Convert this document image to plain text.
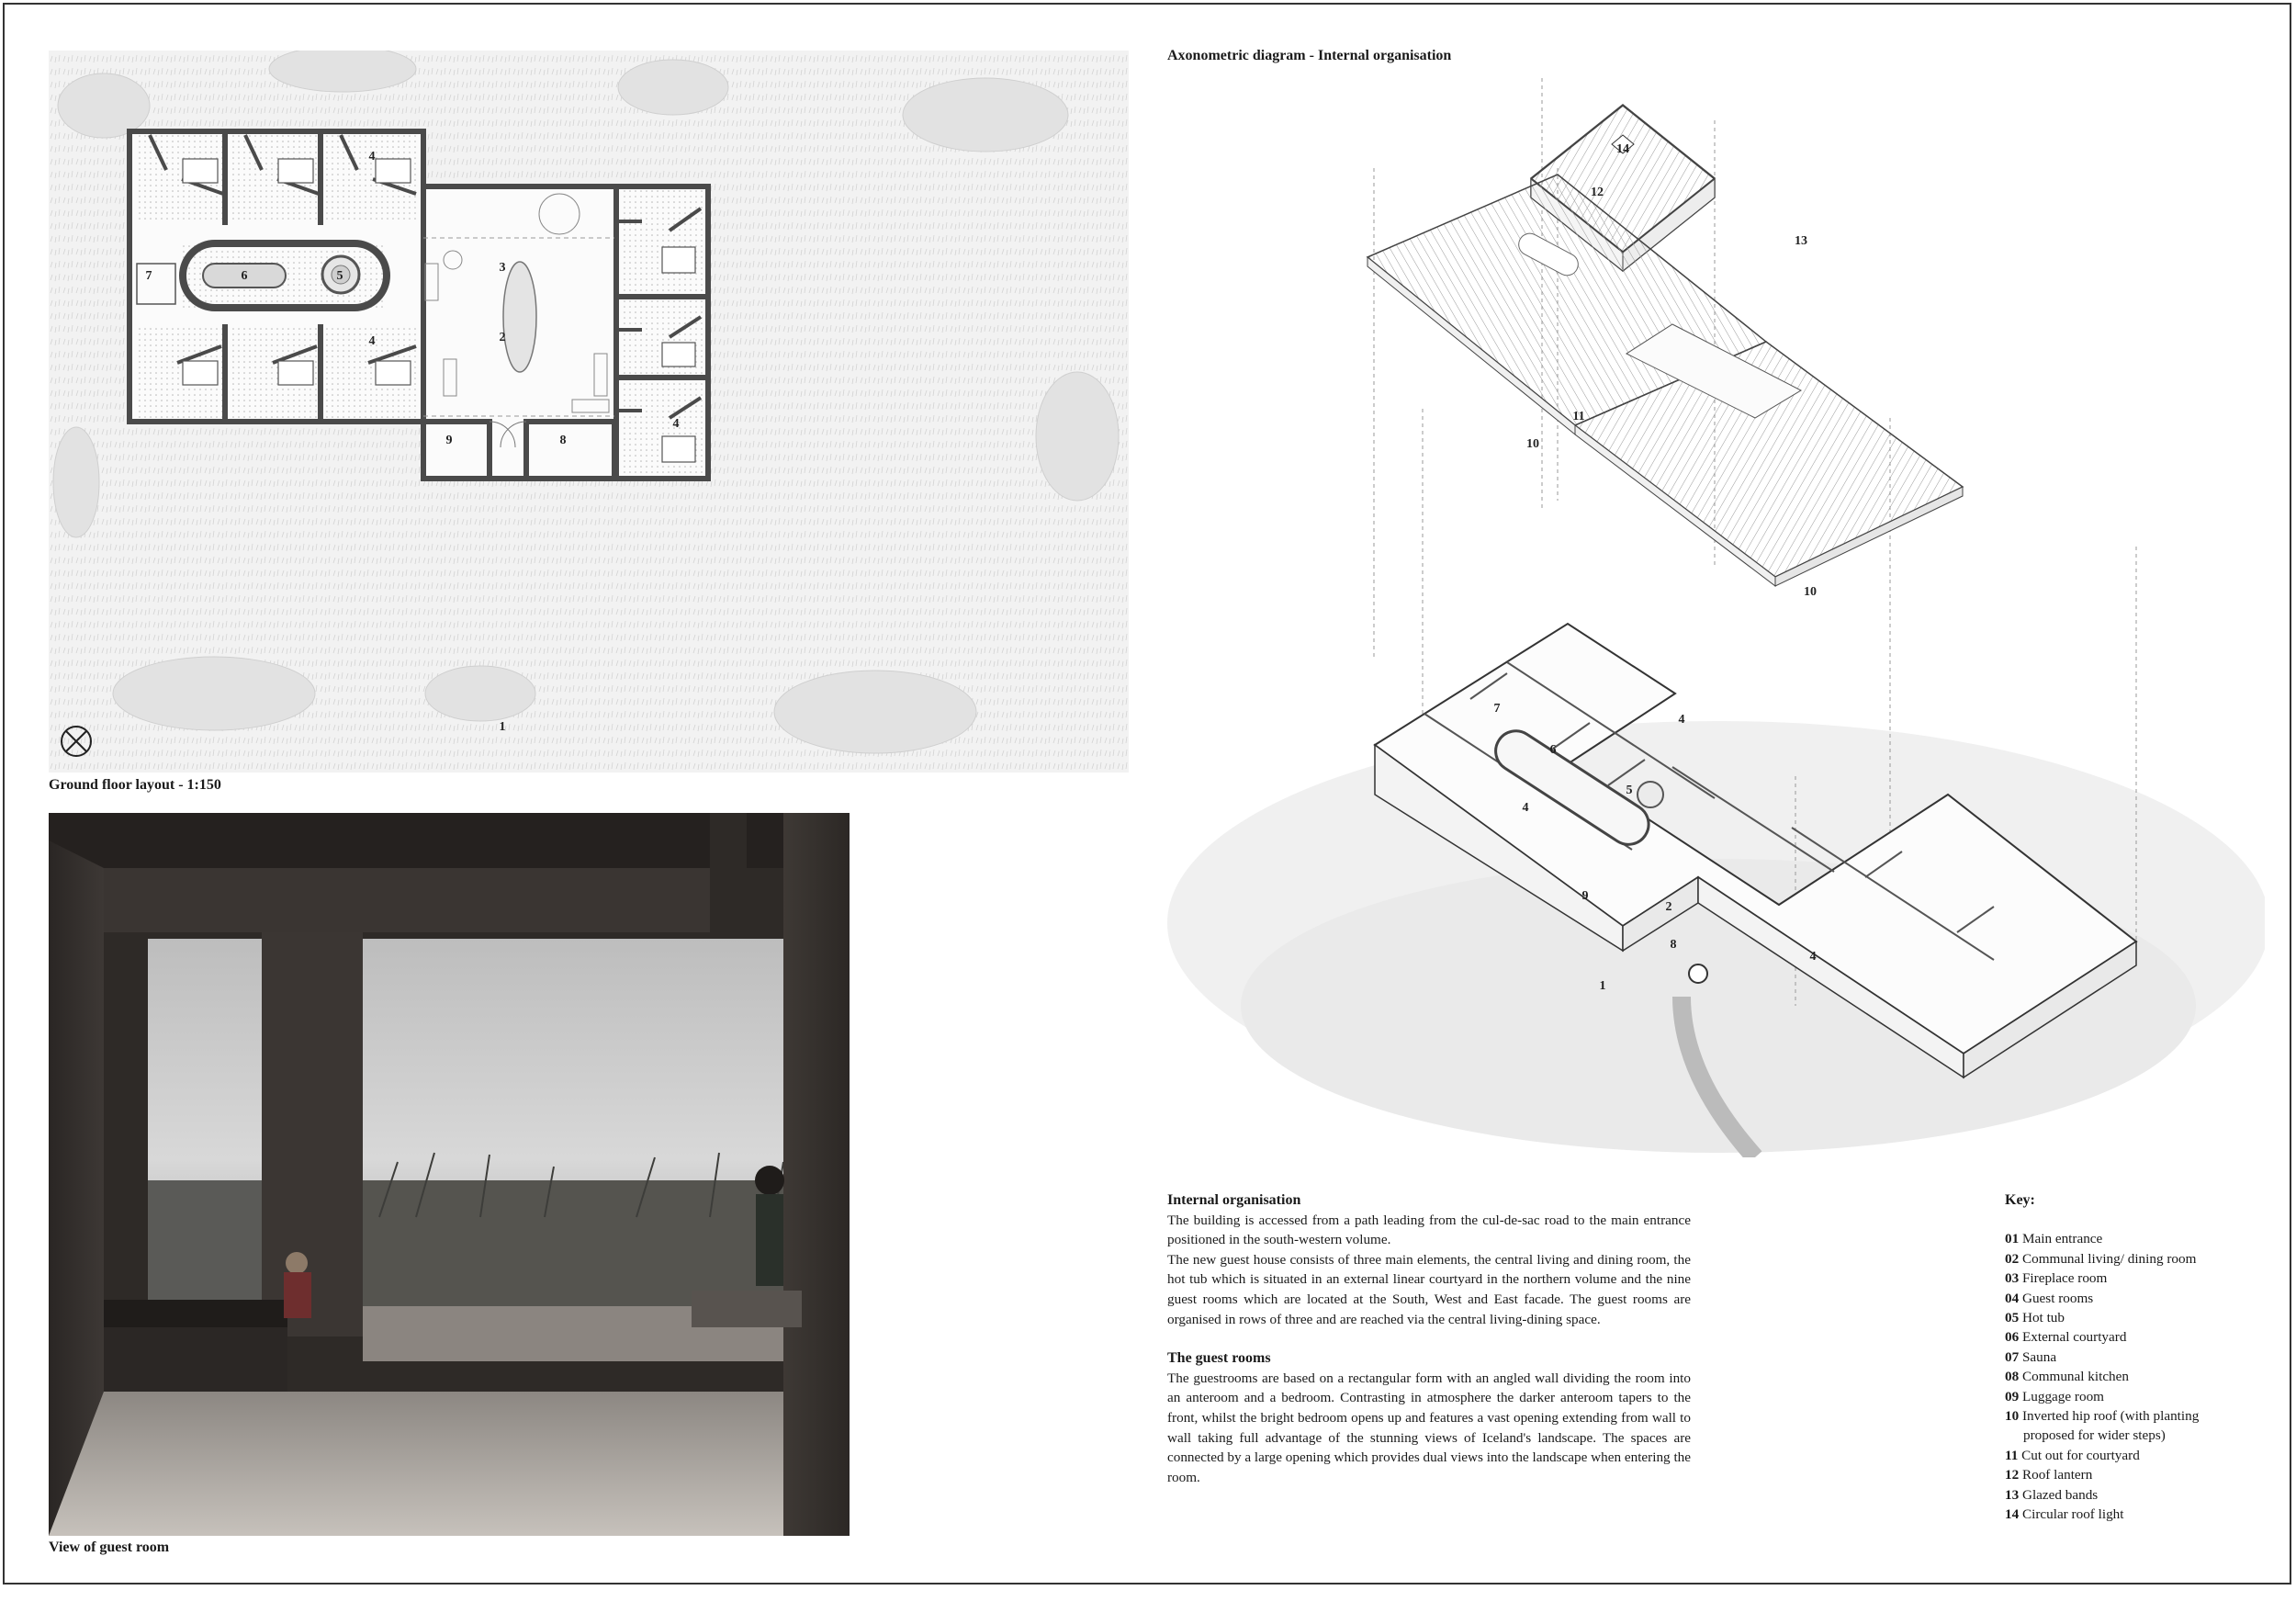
1
2
3
4
4
4
5
6
7
8
9
Ground floor layout - 1:150
View of guest room
Axonometric diagram - Internal organisation
14
12
13
11
10
10
7
6
5
4
4
4
9
2
8
1
Internal organisation

The building is accessed from a path leading from the cul-de-sac road to the main entrance positioned in the south-western volume.

The new guest house consists of three main elements, the central living and dining room, the hot tub which is situated in an external linear courtyard in the northern volume and the nine guest rooms which are located at the South, West and East facade. The guest rooms are organised in rows of three and are reached via the central living-dining space.

The guest rooms

The guestrooms are based on a rectangular form with an angled wall dividing the room into an anteroom and a bedroom. Contrasting in atmosphere the darker anteroom tapers to the front, whilst the bright bedroom opens up and features a vast opening extending from wall to wall taking full advantage of the stunning views of Iceland's landscape. The spaces are connected by a large opening which provides dual views into the landscape when entering the room.

Key:
01 Main entrance
02 Communal living/ dining room
03 Fireplace room
04 Guest rooms
05 Hot tub
06 External courtyard
07 Sauna
08 Communal kitchen
09 Luggage room
10 Inverted hip roof (with planting
proposed for wider steps)
11 Cut out for courtyard
12 Roof lantern
13 Glazed bands
14 Circular roof light
